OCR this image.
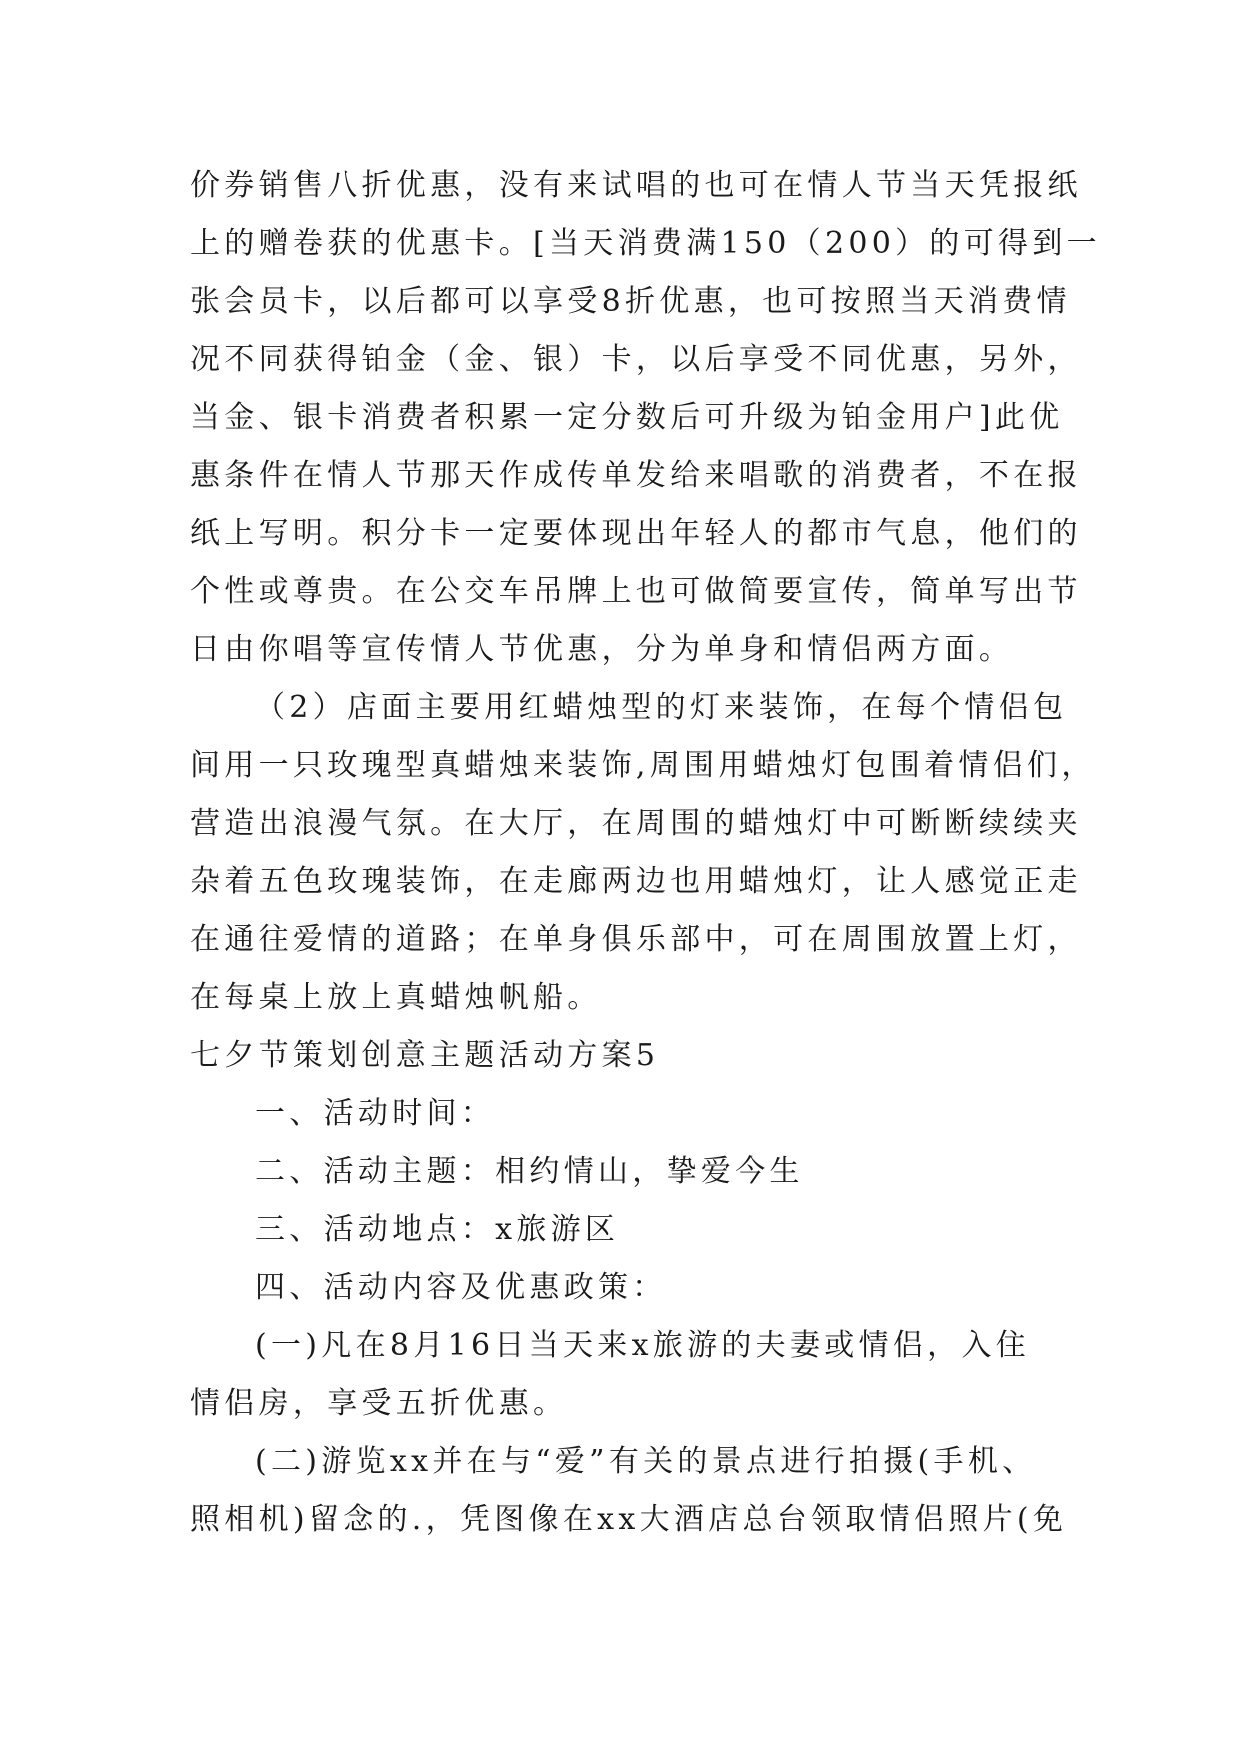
价券销售八折优惠，没有来试唱的也可在情人节当天凭报纸
上的赠卷获的优惠卡。[当天消费满150（200）的可得到一
张会员卡，以后都可以享受8折优惠，也可按照当天消费情
况不同获得铂金（金、银）卡，以后享受不同优惠，另外，
当金、银卡消费者积累一定分数后可升级为铂金用户]此优
惠条件在情人节那天作成传单发给来唱歌的消费者，不在报
纸上写明。积分卡一定要体现出年轻人的都市气息，他们的
个性或尊贵。在公交车吊牌上也可做简要宣传，简单写出节
日由你唱等宣传情人节优惠，分为单身和情侣两方面。
（2）店面主要用红蜡烛型的灯来装饰，在每个情侣包
间用一只玫瑰型真蜡烛来装饰,周围用蜡烛灯包围着情侣们，
营造出浪漫气氛。在大厅，在周围的蜡烛灯中可断断续续夹
杂着五色玫瑰装饰，在走廊两边也用蜡烛灯，让人感觉正走
在通往爱情的道路；在单身俱乐部中，可在周围放置上灯，
在每桌上放上真蜡烛帆船。
七夕节策划创意主题活动方案5
一、活动时间：
二、活动主题：相约情山，挚爱今生
三、活动地点：x旅游区
四、活动内容及优惠政策：
(一)凡在8月16日当天来x旅游的夫妻或情侣，入住
情侣房，享受五折优惠。
(二)游览xx并在与“爱”有关的景点进行拍摄(手机、
照相机)留念的.，凭图像在xx大酒店总台领取情侣照片(免
